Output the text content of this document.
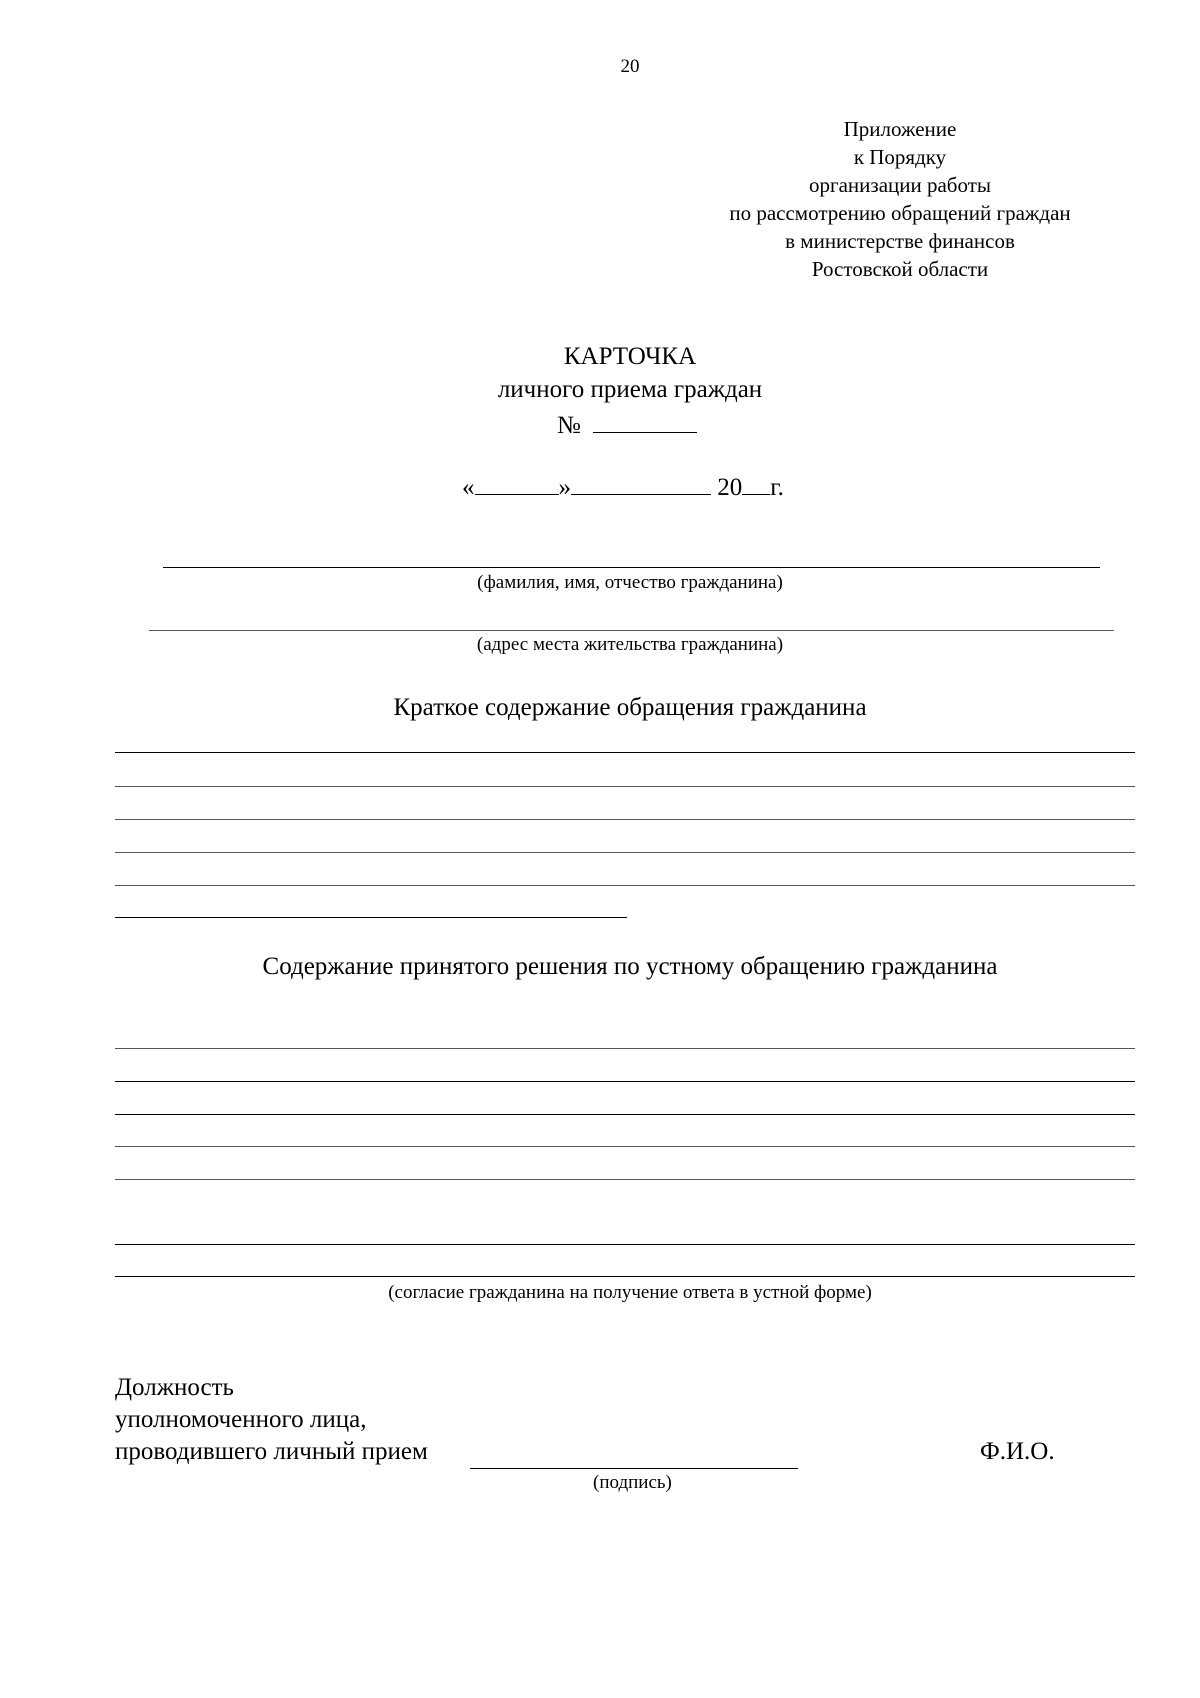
20
Приложение
к Порядку
организации работы
по рассмотрению обращений граждан
в министерстве финансов
Ростовской области
КАРТОЧКА
личного приема граждан
№
«	»	20 г.
(фамилия, имя, отчество гражданина)
(адрес места жительства гражданина)
Краткое содержание обращения гражданина
Содержание принятого решения по устному обращению гражданина
(согласие гражданина на получение ответа в устной форме)
Должность
уполномоченного лица,
проводившего личный прием
(подпись)
Ф.И.О.
